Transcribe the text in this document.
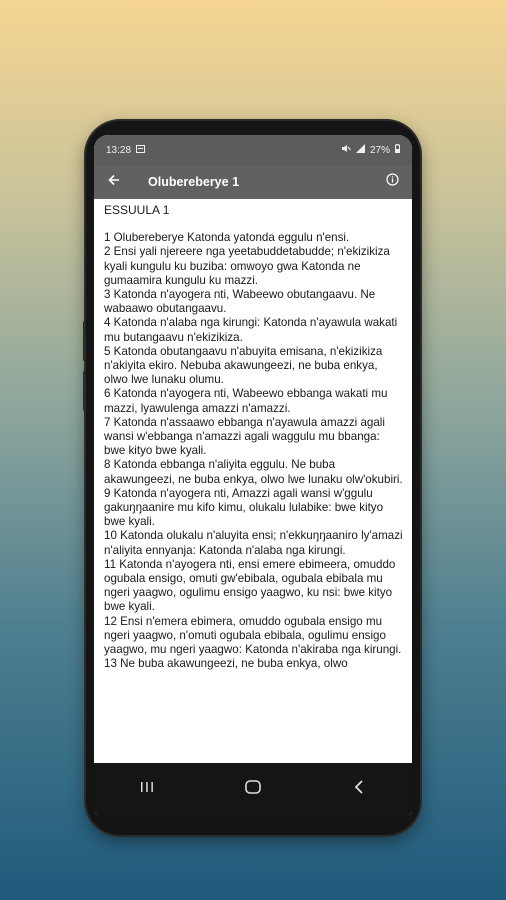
13:28	27%
Olubereberye 1

ESSUULA 1

1 Olubereberye Katonda yatonda eggulu n'ensi.

2 Ensi yali njereere nga yeetabuddetabudde; n'ekizikiza kyali kungulu ku buziba: omwoyo gwa Katonda ne gumaamira kungulu ku mazzi.

3 Katonda n'ayogera nti, Wabeewo obutangaavu. Ne wabaawo obutangaavu.

4 Katonda n'alaba nga kirungi: Katonda n'ayawula wakati mu butangaavu n'ekizikiza.

5 Katonda obutangaavu n'abuyita emisana, n'ekizikiza n'akiyita ekiro. Nebuba akawungeezi, ne buba enkya, olwo lwe lunaku olumu.

6 Katonda n'ayogera nti, Wabeewo ebbanga wakati mu mazzi, lyawulenga amazzi n'amazzi.

7 Katonda n'assaawo ebbanga n'ayawula amazzi agali wansi w'ebbanga n'amazzi agali waggulu mu bbanga: bwe kityo bwe kyali.

8 Katonda ebbanga n'aliyita eggulu. Ne buba akawungeezi, ne buba enkya, olwo lwe lunaku olw'okubiri.

9 Katonda n'ayogera nti, Amazzi agali wansi w'ggulu gakuŋŋaanire mu kifo kimu, olukalu lulabike: bwe kityo bwe kyali.

10 Katonda olukalu n'aluyita ensi; n'ekkuŋŋaaniro ly'amazi n'aliyita ennyanja: Katonda n'alaba nga kirungi.

11 Katonda n'ayogera nti, ensi emere ebimeera, omuddo ogubala ensigo, omuti gw'ebibala, ogubala ebibala mu ngeri yaagwo, ogulimu ensigo yaagwo, ku nsi: bwe kityo bwe kyali.

12 Ensi n'emera ebimera, omuddo ogubala ensigo mu ngeri yaagwo, n'omuti ogubala ebibala, ogulimu ensigo yaagwo, mu ngeri yaagwo: Katonda n'akiraba nga kirungi.

13 Ne buba akawungeezi, ne buba enkya, olwo
